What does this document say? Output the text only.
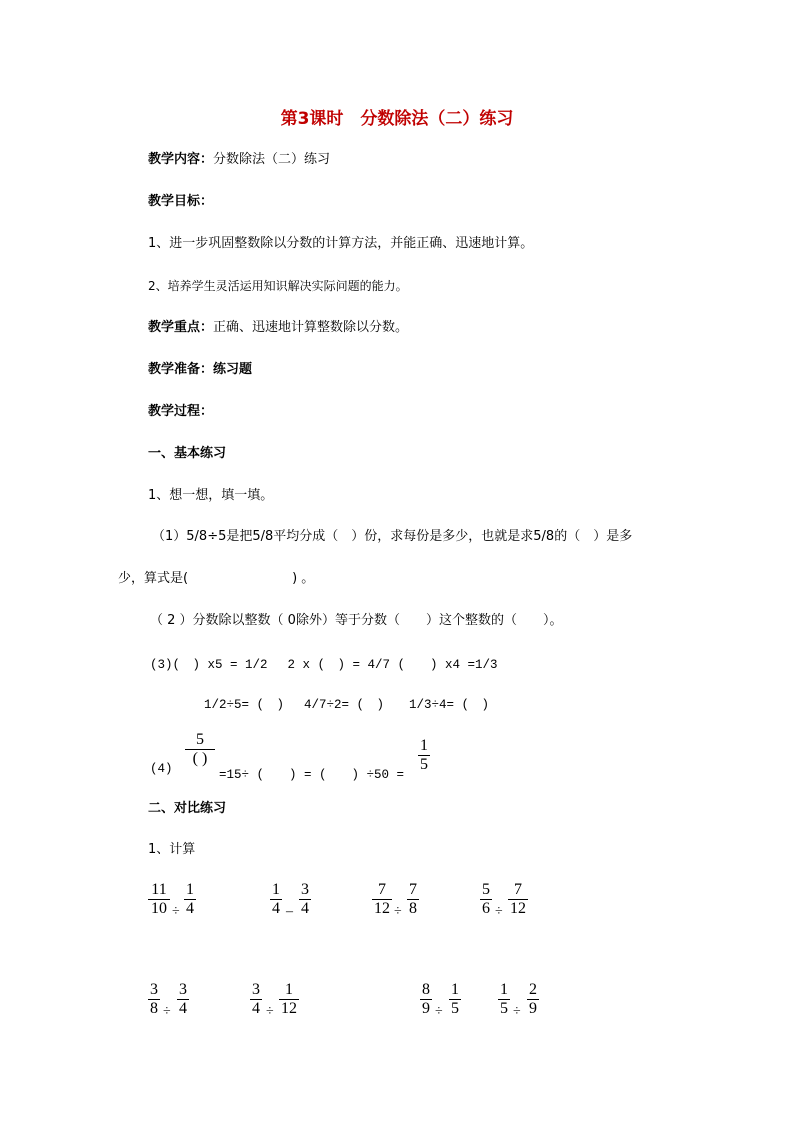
第3课时　分数除法（二）练习
教学内容：分数除法（二）练习
教学目标：
1、进一步巩固整数除以分数的计算方法，并能正确、迅速地计算。
2、培养学生灵活运用知识解决实际问题的能力。
教学重点：正确、迅速地计算整数除以分数。
教学准备：练习题
教学过程：
一、基本练习
1、想一想，填一填。
（1）5/8÷5是把5/8平均分成（　）份，求每份是多少，也就是求5/8的（　）是多
少，算式是(　　　　　　　　) 。
（ 2 ）分数除以整数（ 0除外）等于分数（　　）这个整数的（　　）。
(3)(　) x5 = 1/2　 2 x (　) = 4/7 (　　) x4 =1/3
1/2÷5= (　)　 4/7÷2= (　)　　1/3÷4= (　)
(4)
5
( )
=15÷ (　　) = (　　) ÷50 =
1
5
二、对比练习
1、计算
11
10 ÷
1
4
1
4 –
3
4
7
12 ÷
7
8
5
6 ÷
7
12
3
8 ÷
3
4
3
4 ÷
1
12
8
9 ÷
1
5
1
5 ÷
2
9
